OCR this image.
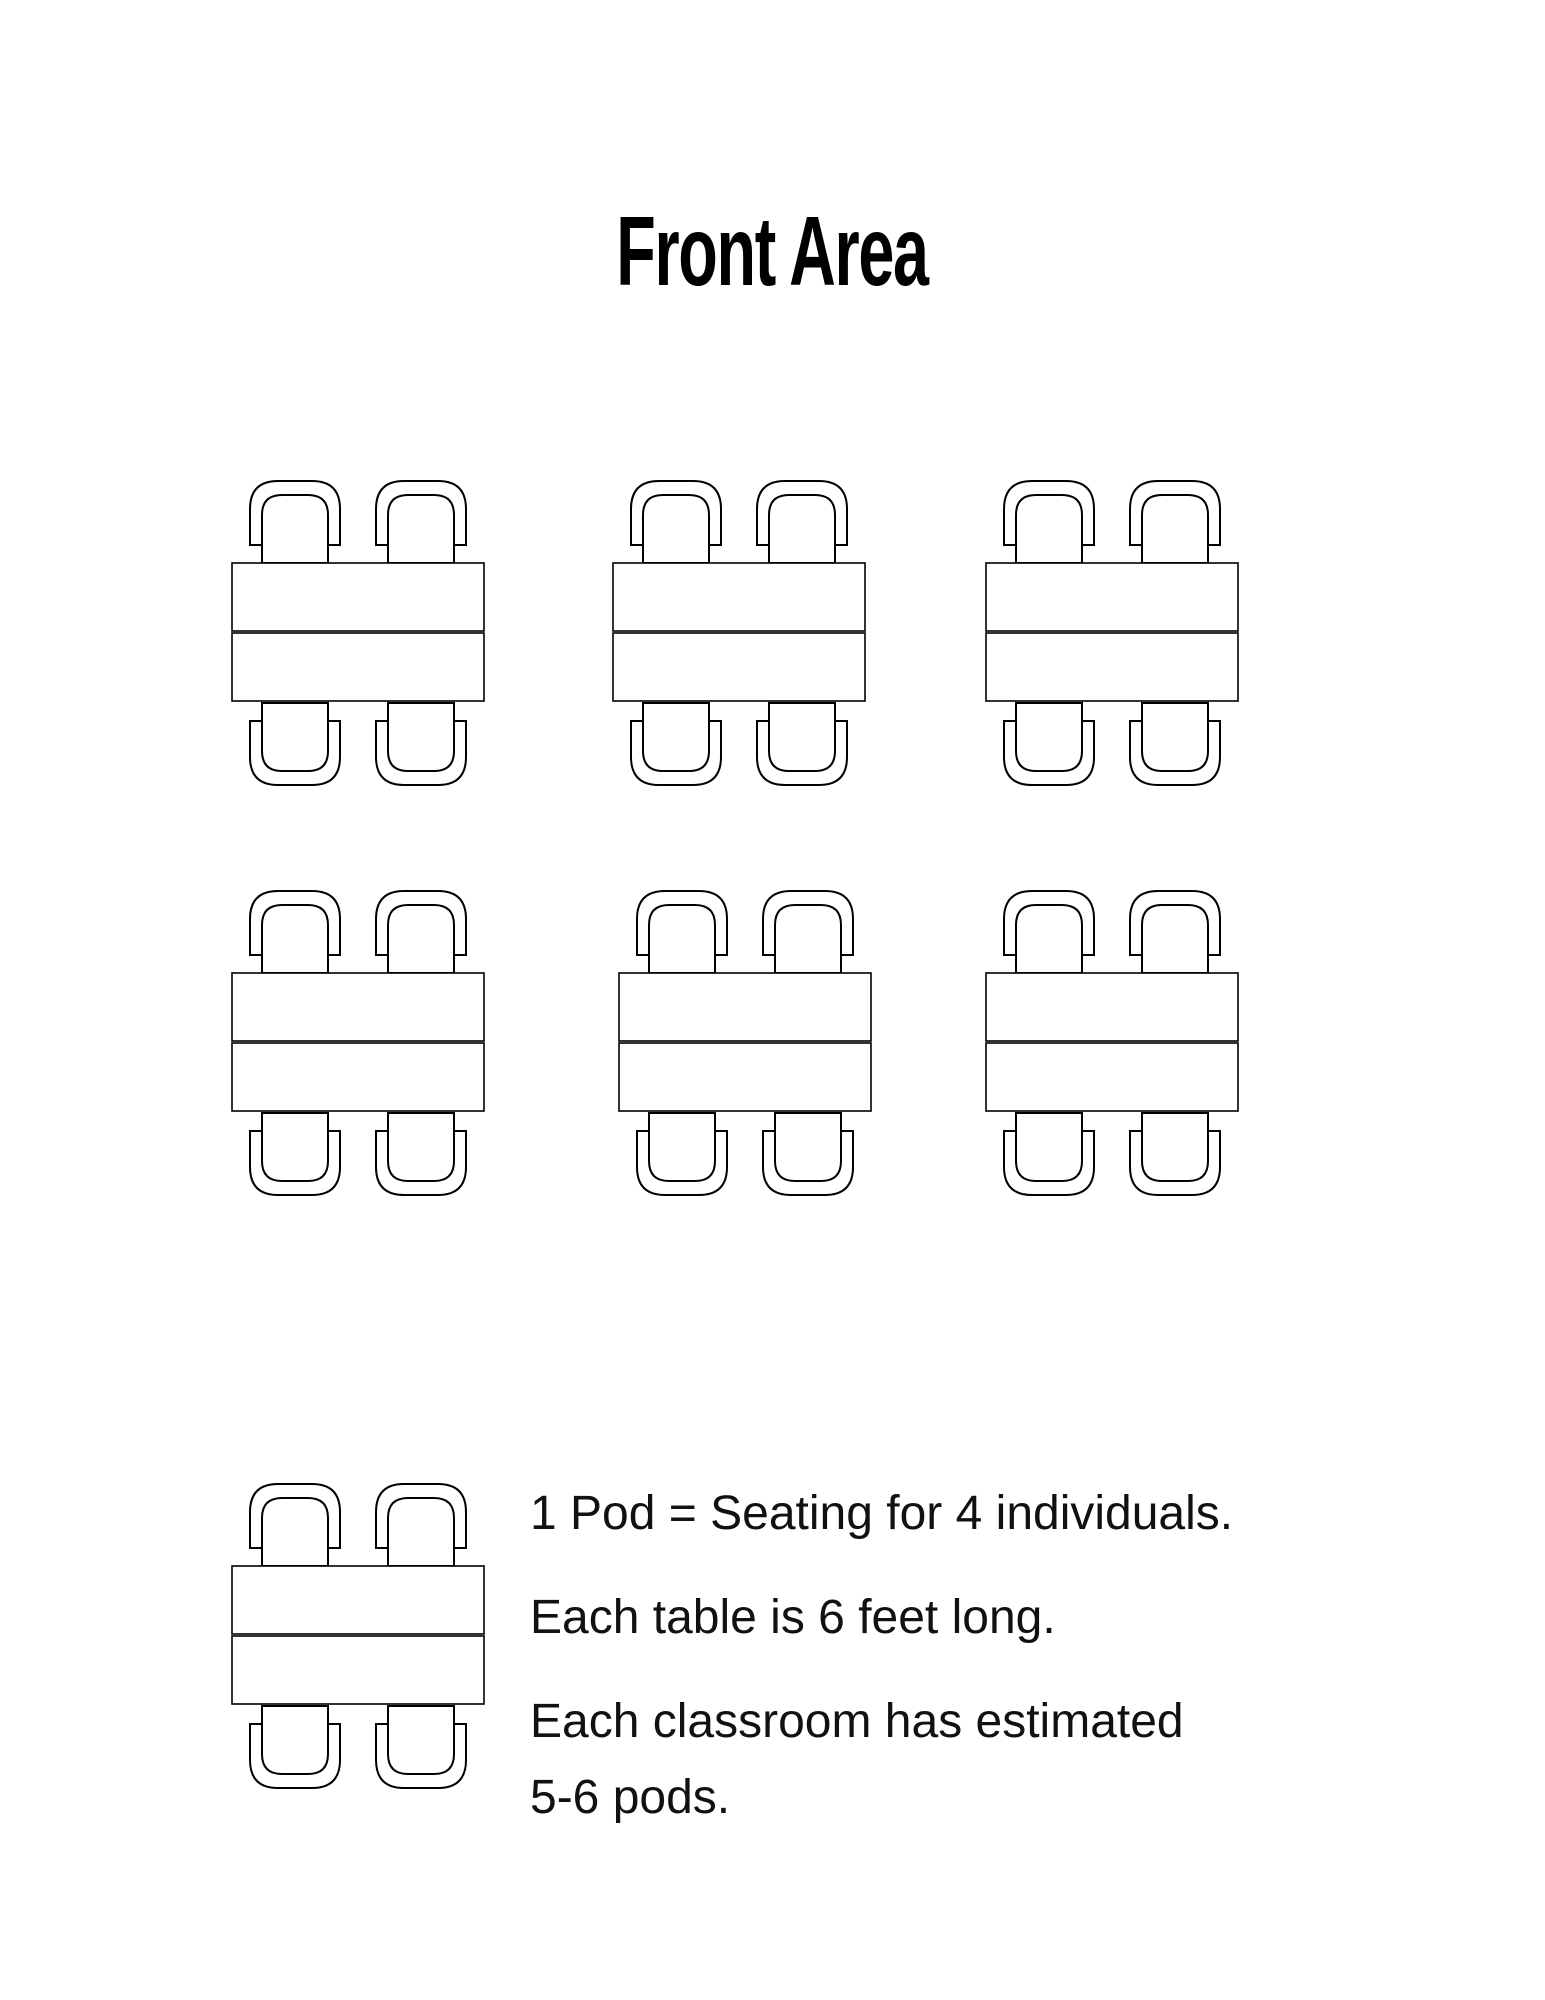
Front Area
1 Pod = Seating for 4 individuals.
Each table is 6 feet long.
Each classroom has estimated
5-6 pods.
